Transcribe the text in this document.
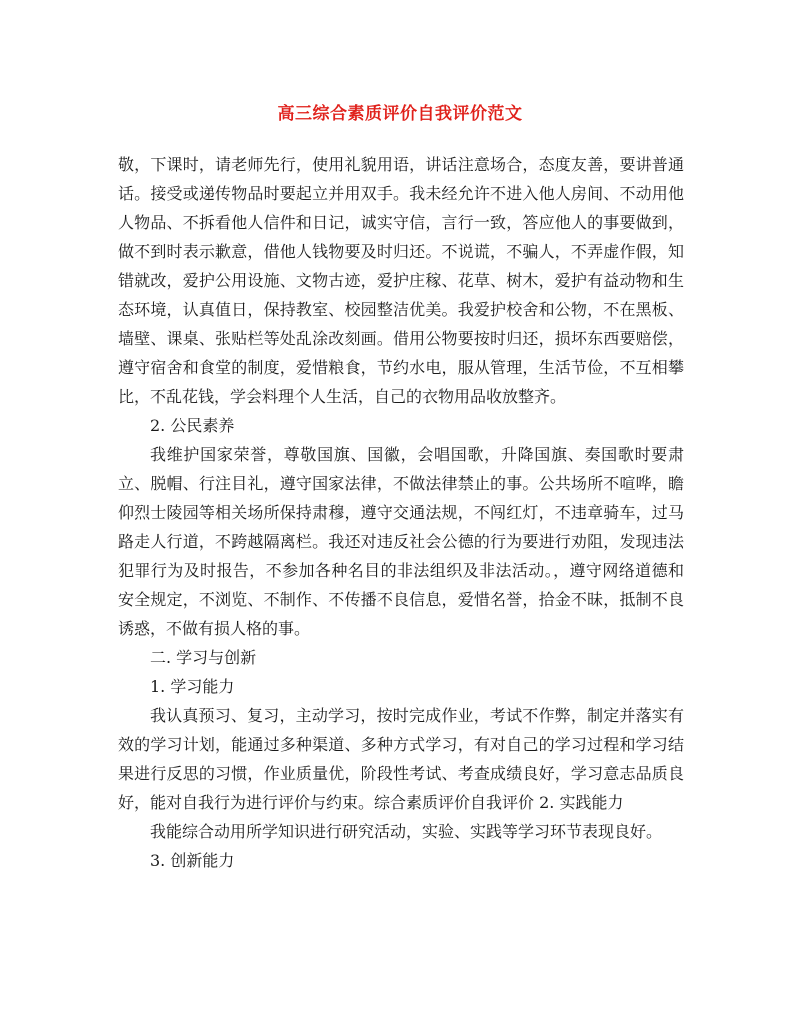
高三综合素质评价自我评价范文

敬，下课时，请老师先行，使用礼貌用语，讲话注意场合，态度友善，要讲普通话。接受或递传物品时要起立并用双手。我未经允许不进入他人房间、不动用他人物品、不拆看他人信件和日记，诚实守信，言行一致，答应他人的事要做到，做不到时表示歉意，借他人钱物要及时归还。不说谎，不骗人，不弄虚作假，知错就改，爱护公用设施、文物古迹，爱护庄稼、花草、树木，爱护有益动物和生态环境，认真值日，保持教室、校园整洁优美。我爱护校舍和公物，不在黑板、墙壁、课桌、张贴栏等处乱涂改刻画。借用公物要按时归还，损坏东西要赔偿，遵守宿舍和食堂的制度，爱惜粮食，节约水电，服从管理，生活节俭，不互相攀比，不乱花钱，学会料理个人生活，自己的衣物用品收放整齐。

2. 公民素养

我维护国家荣誉，尊敬国旗、国徽，会唱国歌，升降国旗、奏国歌时要肃立、脱帽、行注目礼，遵守国家法律，不做法律禁止的事。公共场所不喧哗，瞻仰烈士陵园等相关场所保持肃穆，遵守交通法规，不闯红灯，不违章骑车，过马路走人行道，不跨越隔离栏。我还对违反社会公德的行为要进行劝阻，发现违法犯罪行为及时报告，不参加各种名目的非法组织及非法活动。，遵守网络道德和安全规定，不浏览、不制作、不传播不良信息，爱惜名誉，拾金不昧，抵制不良诱惑，不做有损人格的事。

二. 学习与创新

1. 学习能力

我认真预习、复习，主动学习，按时完成作业，考试不作弊，制定并落实有效的学习计划，能通过多种渠道、多种方式学习，有对自己的学习过程和学习结果进行反思的习惯，作业质量优，阶段性考试、考查成绩良好，学习意志品质良好，能对自我行为进行评价与约束。综合素质评价自我评价 2. 实践能力

我能综合动用所学知识进行研究活动，实验、实践等学习环节表现良好。

3. 创新能力
